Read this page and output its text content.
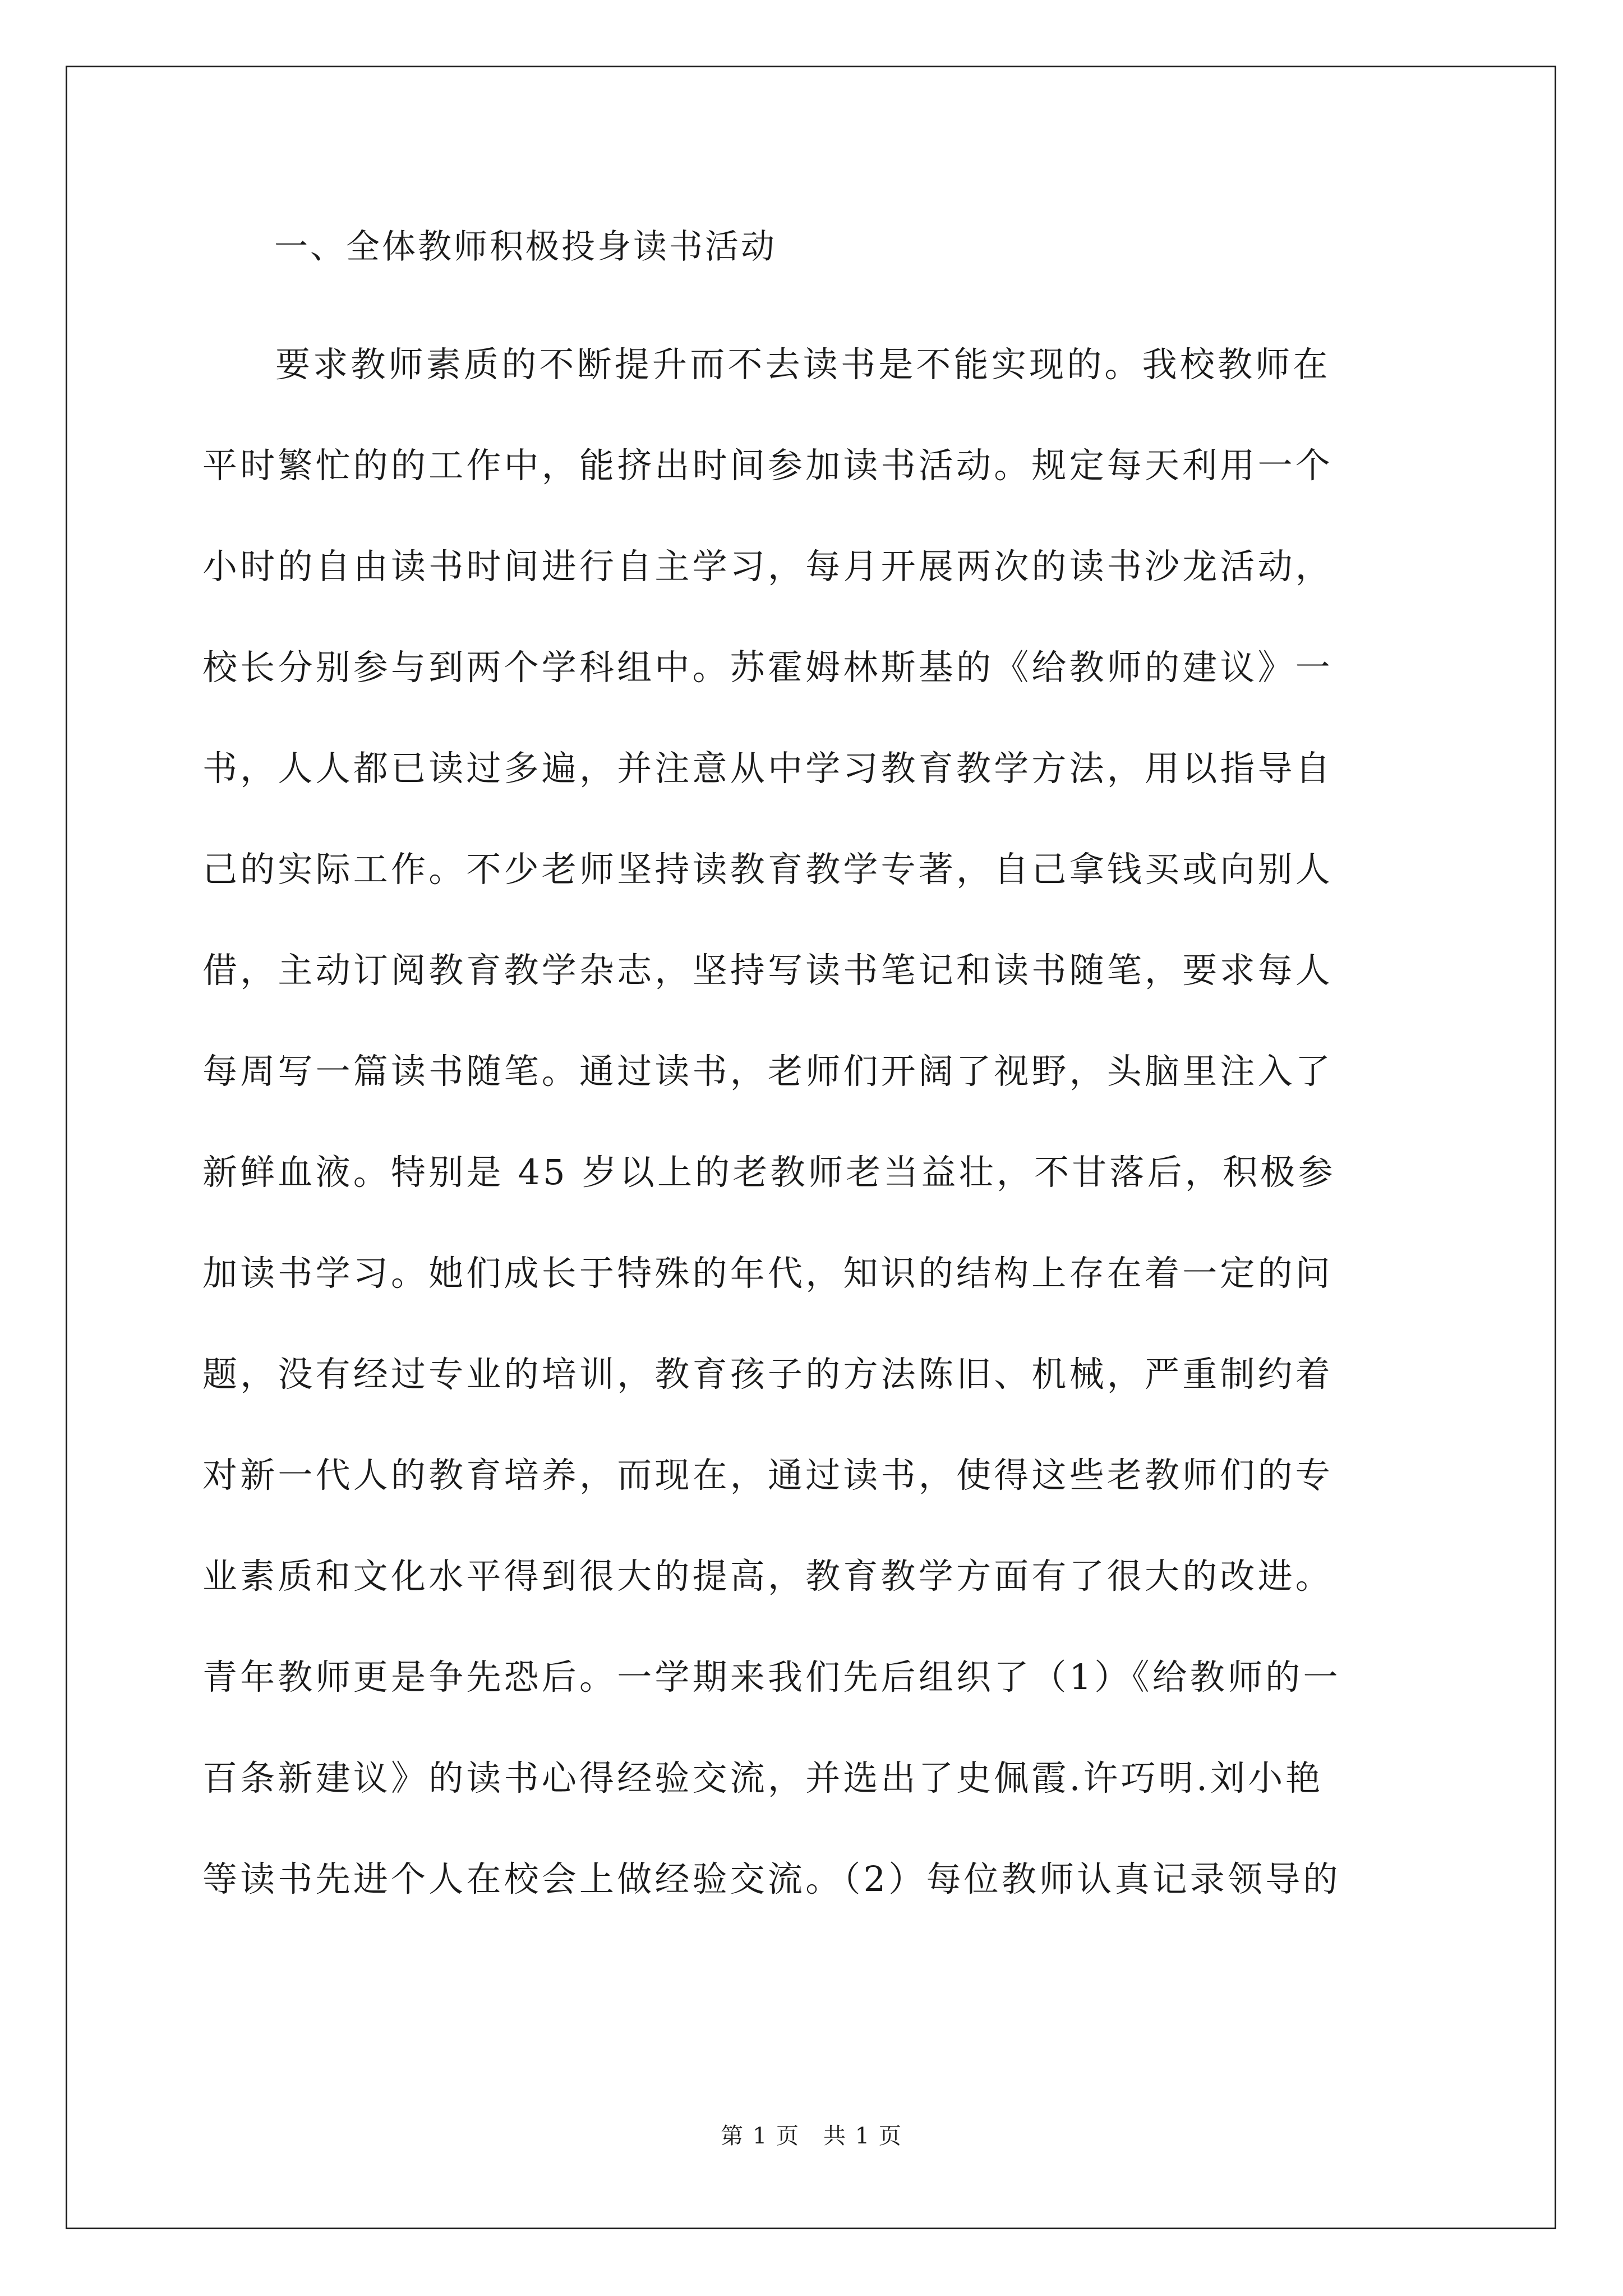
一、全体教师积极投身读书活动
要求教师素质的不断提升而不去读书是不能实现的。我校教师在
平时繁忙的的工作中，能挤出时间参加读书活动。规定每天利用一个
小时的自由读书时间进行自主学习，每月开展两次的读书沙龙活动，
校长分别参与到两个学科组中。苏霍姆林斯基的《给教师的建议》一
书，人人都已读过多遍，并注意从中学习教育教学方法，用以指导自
己的实际工作。不少老师坚持读教育教学专著，自己拿钱买或向别人
借，主动订阅教育教学杂志，坚持写读书笔记和读书随笔，要求每人
每周写一篇读书随笔。通过读书，老师们开阔了视野，头脑里注入了
新鲜血液。特别是 45 岁以上的老教师老当益壮，不甘落后，积极参
加读书学习。她们成长于特殊的年代，知识的结构上存在着一定的问
题，没有经过专业的培训，教育孩子的方法陈旧、机械，严重制约着
对新一代人的教育培养，而现在，通过读书，使得这些老教师们的专
业素质和文化水平得到很大的提高，教育教学方面有了很大的改进。
青年教师更是争先恐后。一学期来我们先后组织了（1）《给教师的一
百条新建议》的读书心得经验交流，并选出了史佩霞.许巧明.刘小艳
等读书先进个人在校会上做经验交流。（2）每位教师认真记录领导的
第 1 页　共 1 页
